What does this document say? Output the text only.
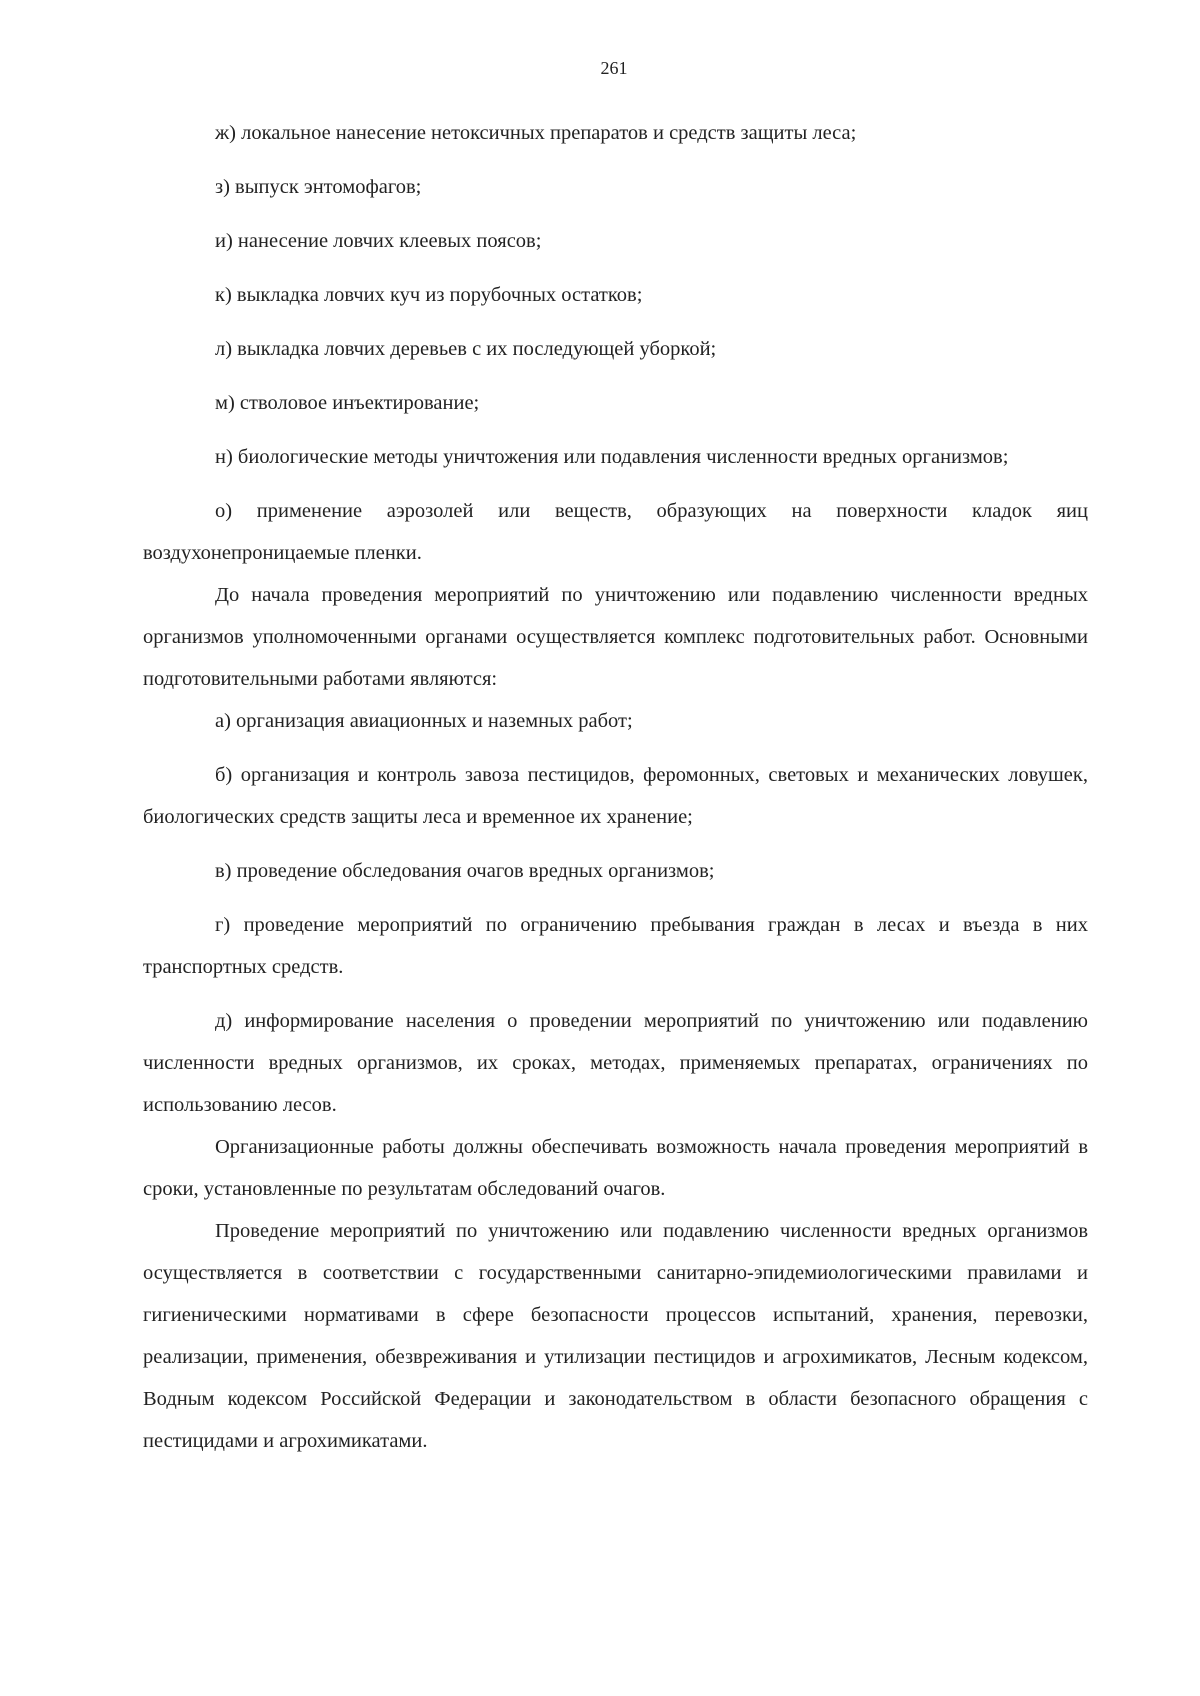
261

ж) локальное нанесение нетоксичных препаратов и средств защиты леса;

з) выпуск энтомофагов;

и) нанесение ловчих клеевых поясов;

к) выкладка ловчих куч из порубочных остатков;

л) выкладка ловчих деревьев с их последующей уборкой;

м) стволовое инъектирование;

н) биологические методы уничтожения или подавления численности вредных организмов;

о) применение аэрозолей или веществ, образующих на поверхности кладок яиц воздухонепроницаемые пленки.

До начала проведения мероприятий по уничтожению или подавлению численности вредных организмов уполномоченными органами осуществляется комплекс подготовительных работ. Основными подготовительными работами являются:

а) организация авиационных и наземных работ;

б) организация и контроль завоза пестицидов, феромонных, световых и механических ловушек, биологических средств защиты леса и временное их хранение;

в) проведение обследования очагов вредных организмов;

г) проведение мероприятий по ограничению пребывания граждан в лесах и въезда в них транспортных средств.

д) информирование населения о проведении мероприятий по уничтожению или подавлению численности вредных организмов, их сроках, методах, применяемых препаратах, ограничениях по использованию лесов.

Организационные работы должны обеспечивать возможность начала проведения мероприятий в сроки, установленные по результатам обследований очагов.

Проведение мероприятий по уничтожению или подавлению численности вредных организмов осуществляется в соответствии с государственными санитарно-эпидемиологическими правилами и гигиеническими нормативами в сфере безопасности процессов испытаний, хранения, перевозки, реализации, применения, обезвреживания и утилизации пестицидов и агрохимикатов, Лесным кодексом, Водным кодексом Российской Федерации и законодательством в области безопасного обращения с пестицидами и агрохимикатами.
